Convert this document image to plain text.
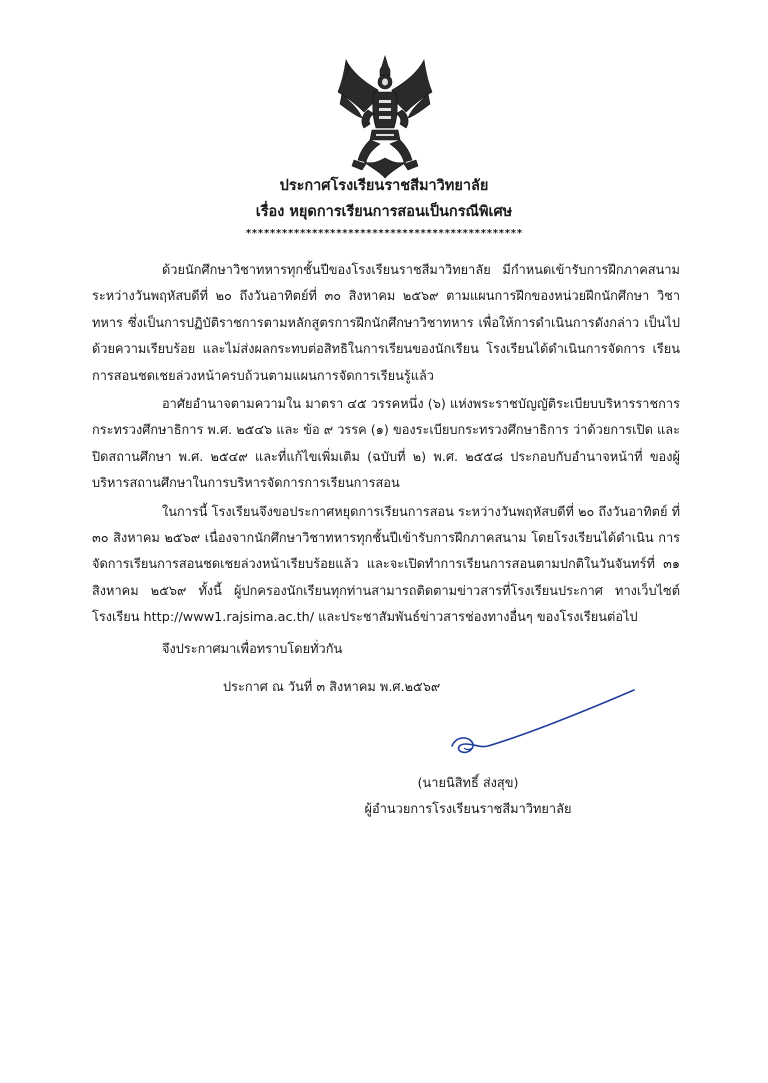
ประกาศโรงเรียนราชสีมาวิทยาลัย
เรื่อง หยุดการเรียนการสอนเป็นกรณีพิเศษ
**********************************************

ด้วยนักศึกษาวิชาทหารทุกชั้นปีของโรงเรียนราชสีมาวิทยาลัย มีกำหนดเข้ารับการฝึกภาคสนาม ระหว่างวันพฤหัสบดีที่ ๒๐ ถึงวันอาทิตย์ที่ ๓๐ สิงหาคม ๒๕๖๙ ตามแผนการฝึกของหน่วยฝึกนักศึกษา วิชาทหาร ซึ่งเป็นการปฏิบัติราชการตามหลักสูตรการฝึกนักศึกษาวิชาทหาร เพื่อให้การดำเนินการดังกล่าว เป็นไปด้วยความเรียบร้อย และไม่ส่งผลกระทบต่อสิทธิในการเรียนของนักเรียน โรงเรียนได้ดำเนินการจัดการ เรียนการสอนชดเชยล่วงหน้าครบถ้วนตามแผนการจัดการเรียนรู้แล้ว

อาศัยอำนาจตามความใน มาตรา ๔๕ วรรคหนึ่ง (๖) แห่งพระราชบัญญัติระเบียบบริหารราชการ กระทรวงศึกษาธิการ พ.ศ. ๒๕๔๖ และ ข้อ ๙ วรรค (๑) ของระเบียบกระทรวงศึกษาธิการ ว่าด้วยการเปิด และปิดสถานศึกษา พ.ศ. ๒๕๔๙ และที่แก้ไขเพิ่มเติม (ฉบับที่ ๒) พ.ศ. ๒๕๕๘ ประกอบกับอำนาจหน้าที่ ของผู้บริหารสถานศึกษาในการบริหารจัดการการเรียนการสอน

ในการนี้ โรงเรียนจึงขอประกาศหยุดการเรียนการสอน ระหว่างวันพฤหัสบดีที่ ๒๐ ถึงวันอาทิตย์ ที่ ๓๐ สิงหาคม ๒๕๖๙ เนื่องจากนักศึกษาวิชาทหารทุกชั้นปีเข้ารับการฝึกภาคสนาม โดยโรงเรียนได้ดำเนิน การจัดการเรียนการสอนชดเชยล่วงหน้าเรียบร้อยแล้ว และจะเปิดทำการเรียนการสอนตามปกติในวันจันทร์ที่ ๓๑ สิงหาคม ๒๕๖๙ ทั้งนี้ ผู้ปกครองนักเรียนทุกท่านสามารถติดตามข่าวสารที่โรงเรียนประกาศ ทางเว็บไซต์ โรงเรียน http://www1.rajsima.ac.th/ และประชาสัมพันธ์ข่าวสารช่องทางอื่นๆ ของโรงเรียนต่อไป

จึงประกาศมาเพื่อทราบโดยทั่วกัน
ประกาศ ณ วันที่ ๓ สิงหาคม พ.ศ.๒๕๖๙
(นายนิสิทธิ์ ส่งสุข)
ผู้อำนวยการโรงเรียนราชสีมาวิทยาลัย
